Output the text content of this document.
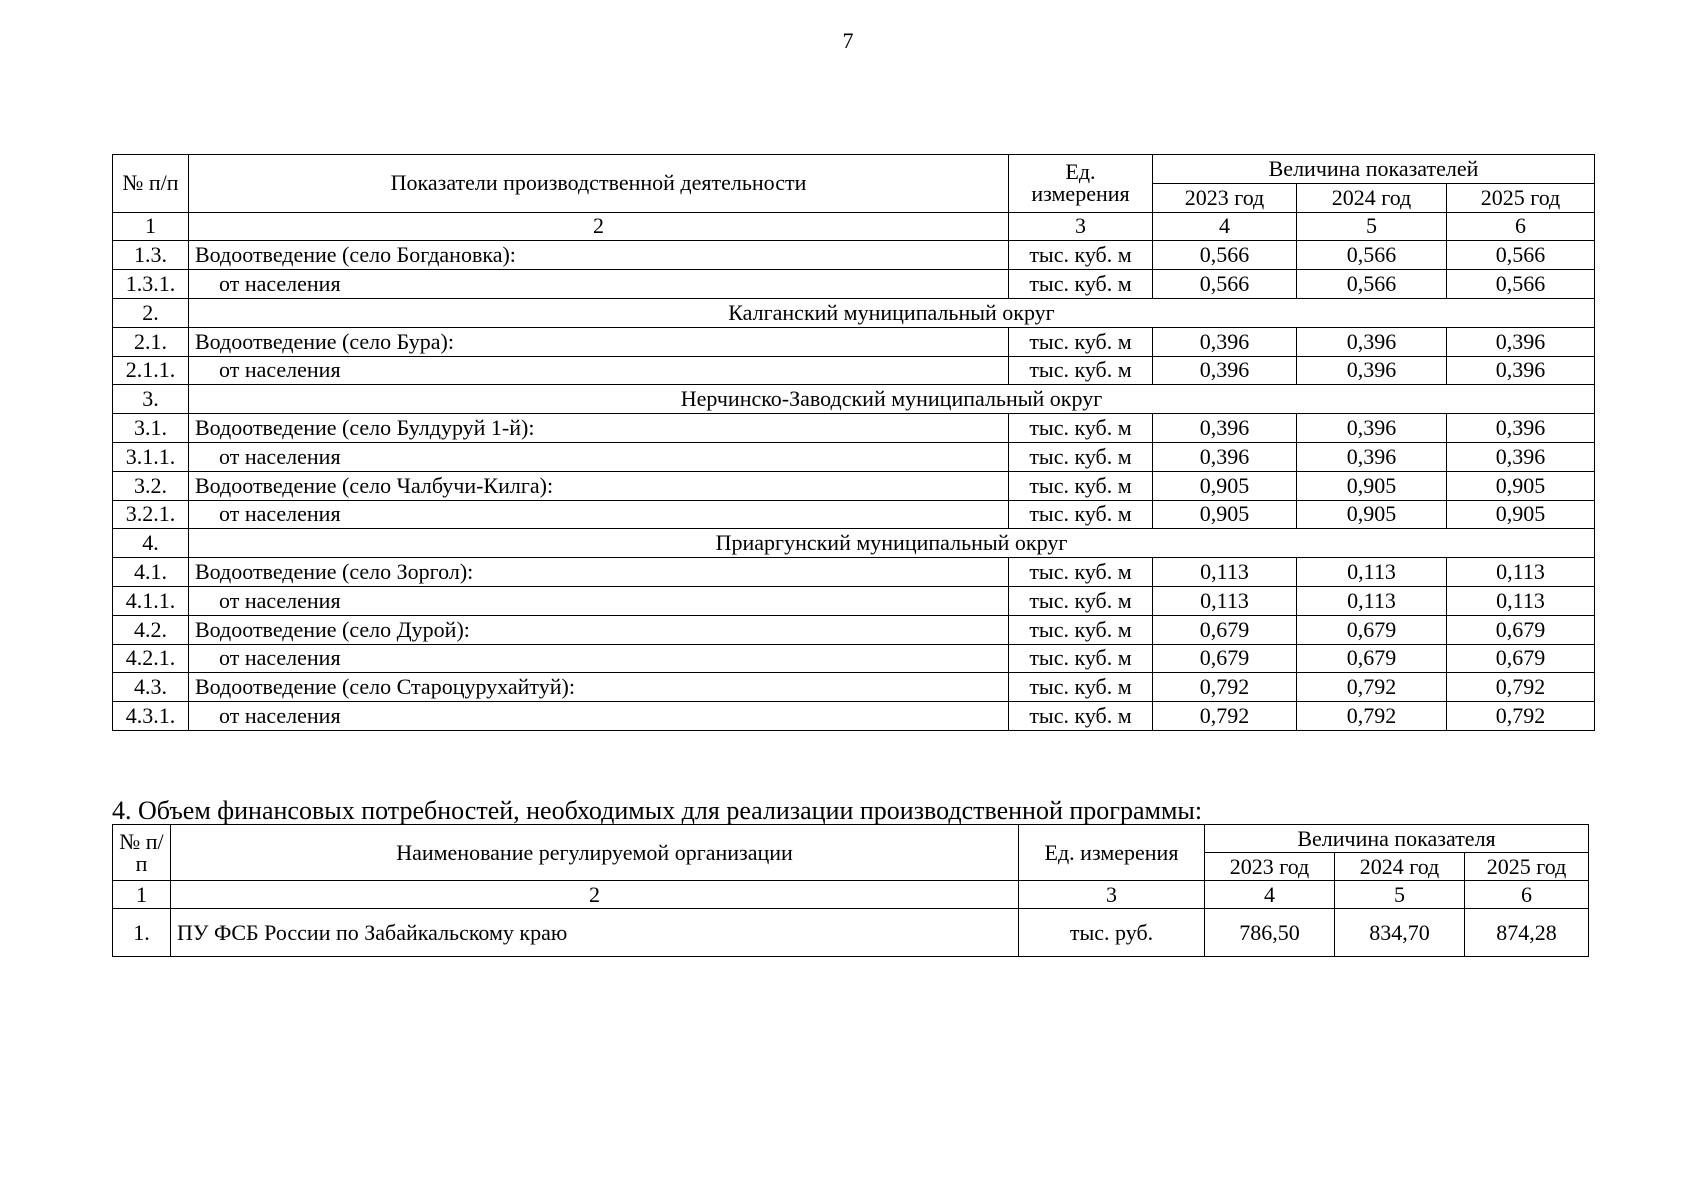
7
№ п/п	Показатели производственной деятельности	Ед. измерения	Величина показателей		
			2023 год	2024 год	2025 год
1	2	3	4	5	6
1.3.	Водоотведение (село Богдановка):	тыс. куб. м	0,566	0,566	0,566
1.3.1.	от населения	тыс. куб. м	0,566	0,566	0,566
2.	Калганский муниципальный округ				
2.1.	Водоотведение (село Бура):	тыс. куб. м	0,396	0,396	0,396
2.1.1.	от населения	тыс. куб. м	0,396	0,396	0,396
3.	Нерчинско-Заводский муниципальный округ				
3.1.	Водоотведение (село Булдуруй 1-й):	тыс. куб. м	0,396	0,396	0,396
3.1.1.	от населения	тыс. куб. м	0,396	0,396	0,396
3.2.	Водоотведение (село Чалбучи-Килга):	тыс. куб. м	0,905	0,905	0,905
3.2.1.	от населения	тыс. куб. м	0,905	0,905	0,905
4.	Приаргунский муниципальный округ				
4.1.	Водоотведение (село Зоргол):	тыс. куб. м	0,113	0,113	0,113
4.1.1.	от населения	тыс. куб. м	0,113	0,113	0,113
4.2.	Водоотведение (село Дурой):	тыс. куб. м	0,679	0,679	0,679
4.2.1.	от населения	тыс. куб. м	0,679	0,679	0,679
4.3.	Водоотведение (село Староцурухайтуй):	тыс. куб. м	0,792	0,792	0,792
4.3.1.	от населения	тыс. куб. м	0,792	0,792	0,792
4. Объем финансовых потребностей, необходимых для реализации производственной программы:
№ п/п	Наименование регулируемой организации	Ед. измерения	Величина показателя		
			2023 год	2024 год	2025 год
1	2	3	4	5	6
1.	ПУ ФСБ России по Забайкальскому краю	тыс. руб.	786,50	834,70	874,28
